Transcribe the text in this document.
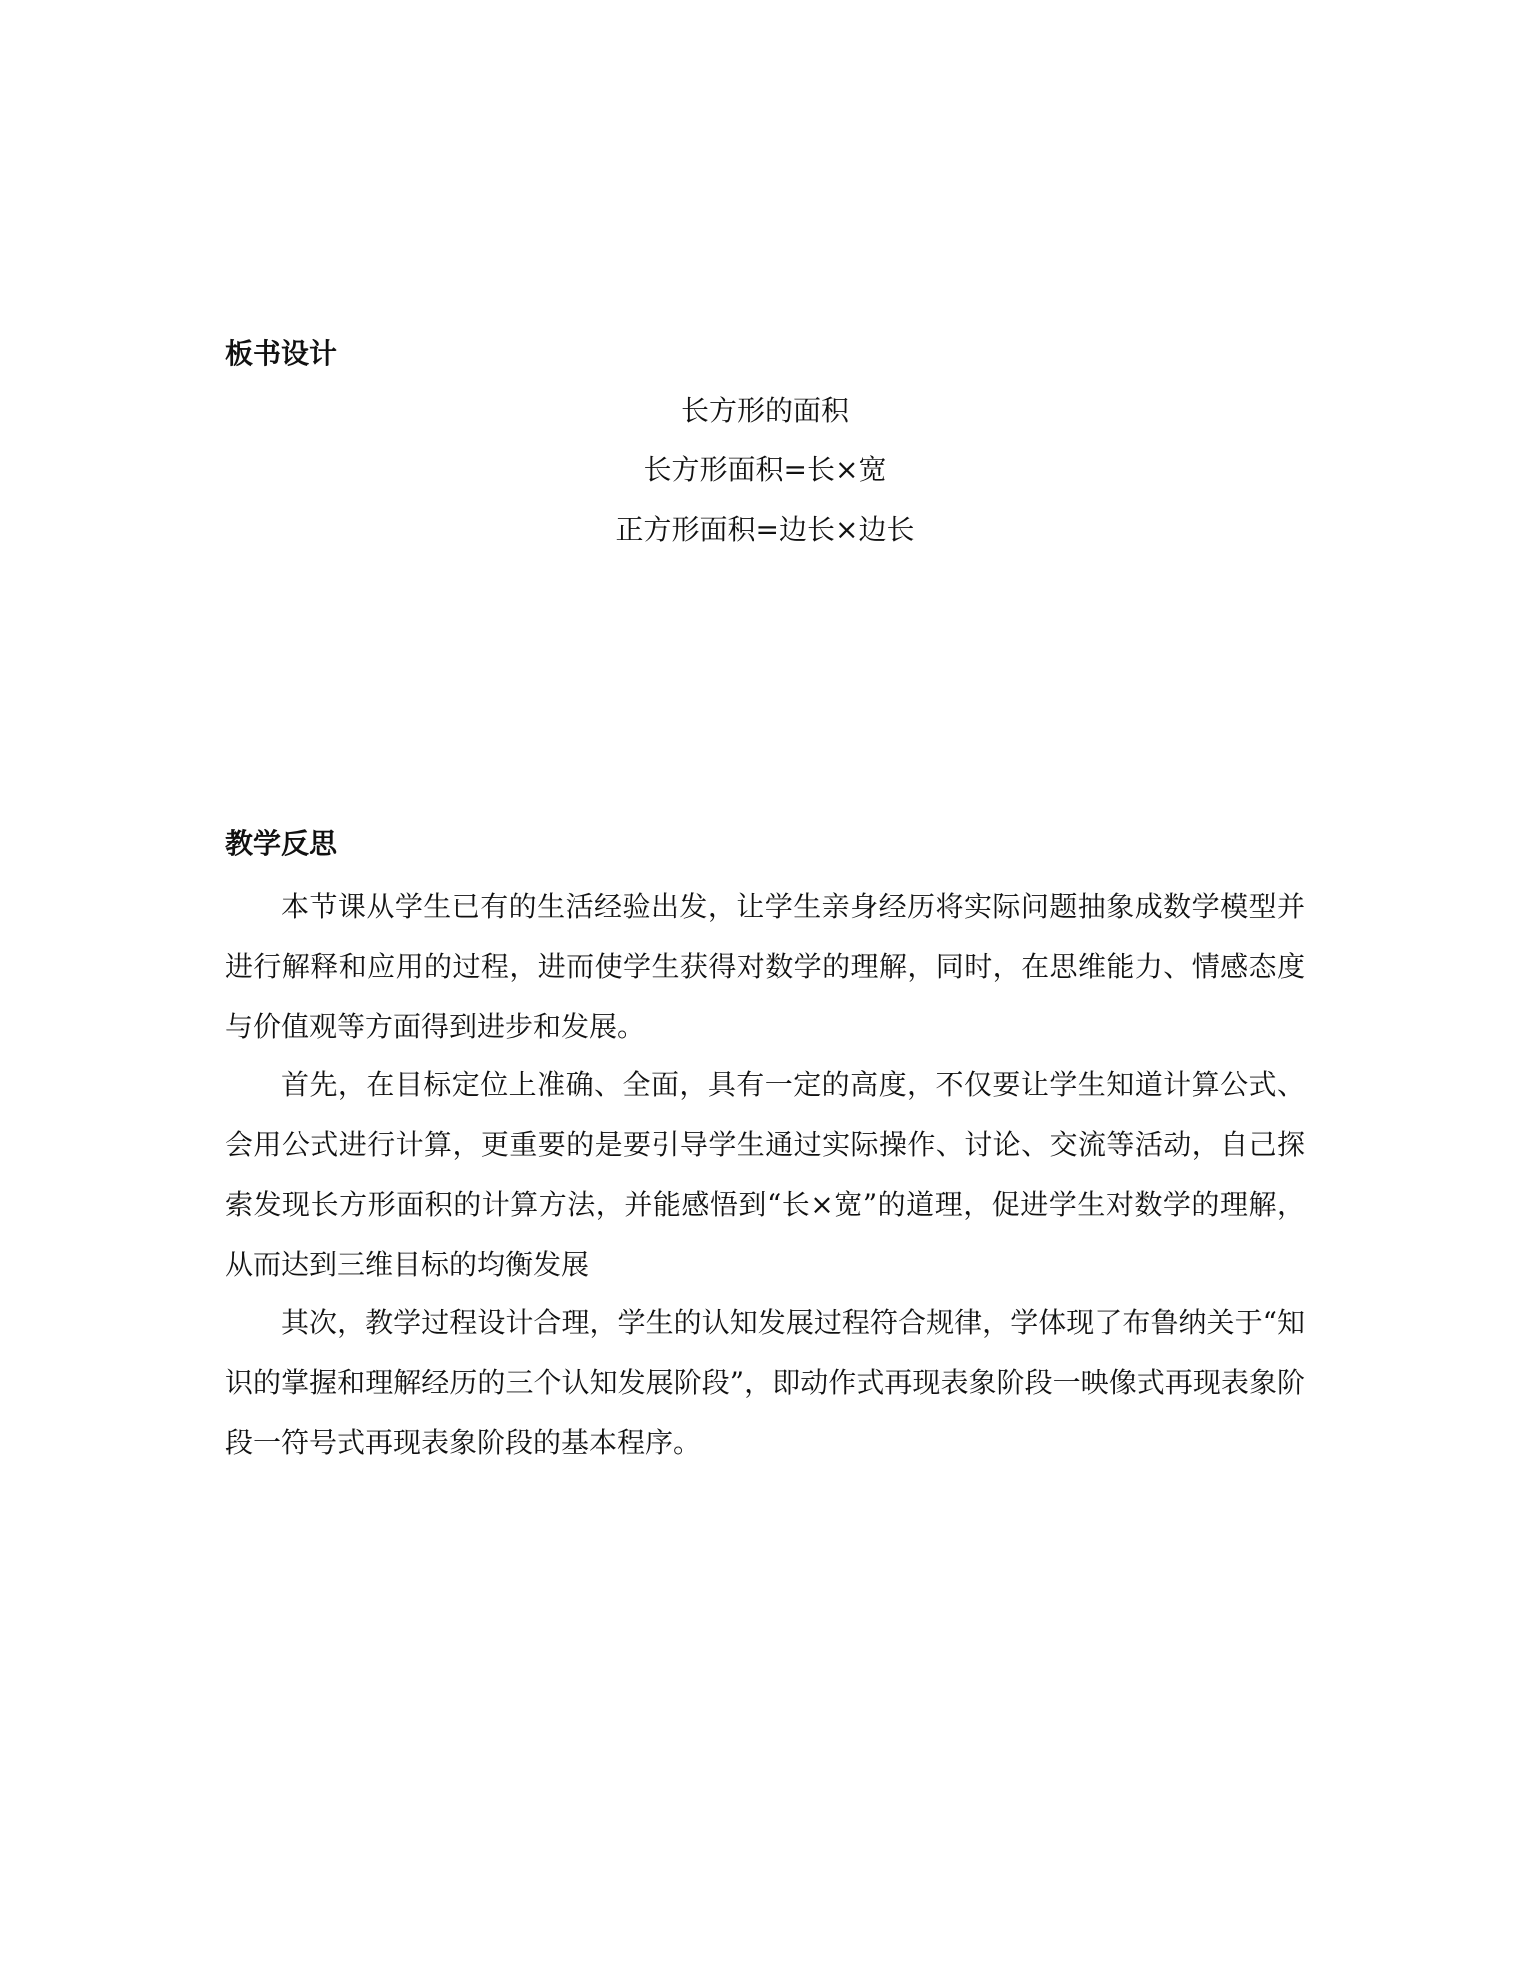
板书设计
长方形的面积
长方形面积=长×宽
正方形面积=边长×边长
教学反思

本节课从学生已有的生活经验出发，让学生亲身经历将实际问题抽象成数学模型并进行解释和应用的过程，进而使学生获得对数学的理解，同时，在思维能力、情感态度与价值观等方面得到进步和发展。

首先，在目标定位上准确、全面，具有一定的高度，不仅要让学生知道计算公式、会用公式进行计算，更重要的是要引导学生通过实际操作、讨论、交流等活动，自己探索发现长方形面积的计算方法，并能感悟到“长×宽”的道理，促进学生对数学的理解，从而达到三维目标的均衡发展

其次，教学过程设计合理，学生的认知发展过程符合规律，学体现了布鲁纳关于“知识的掌握和理解经历的三个认知发展阶段”，即动作式再现表象阶段一映像式再现表象阶段一符号式再现表象阶段的基本程序。
